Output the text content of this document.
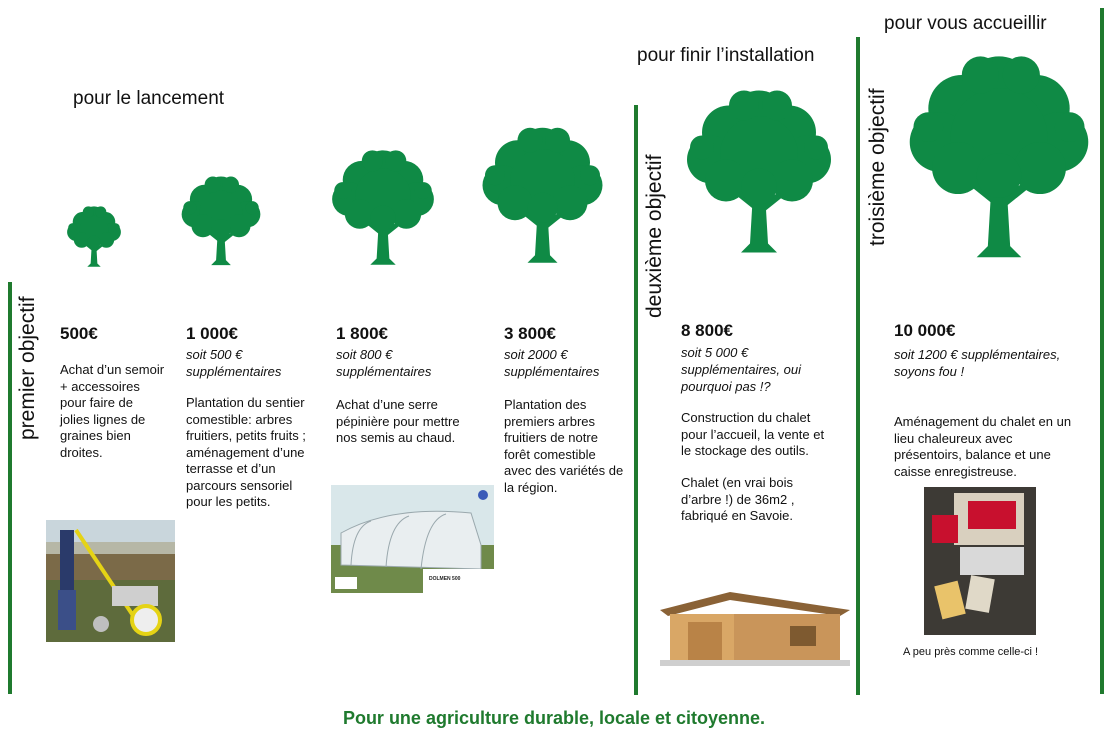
premier objectif
deuxième objectif	troisième objectif
pour le lancement
pour finir l’installation
pour vous accueillir
500€
Achat d’un semoir + accessoires pour faire de jolies lignes de graines bien droites.
1 000€
soit 500 € supplémentaires
Plantation du sentier comestible: arbres fruitiers, petits fruits ; aménagement d’une terrasse et d’un parcours sensoriel pour les petits.
1 800€
soit 800 € supplémentaires
Achat d’une serre pépinière pour mettre nos semis au chaud.
3 800€
soit 2000 € supplémentaires
Plantation des premiers arbres fruitiers de notre forêt comestible avec des variétés de la région.
8 800€
soit 5 000 € supplémentaires, oui pourquoi pas !?
Construction du chalet pour l’accueil, la vente et le stockage des outils.
Chalet (en vrai bois d’arbre !) de 36m2 , fabriqué en Savoie.
10 000€
soit 1200 € supplémentaires, soyons fou !
Aménagement du chalet en un lieu chaleureux avec présentoirs, balance et une caisse enregistreuse.
DOLMEN 500
A peu près comme celle-ci !
Pour une agriculture durable, locale et citoyenne.
